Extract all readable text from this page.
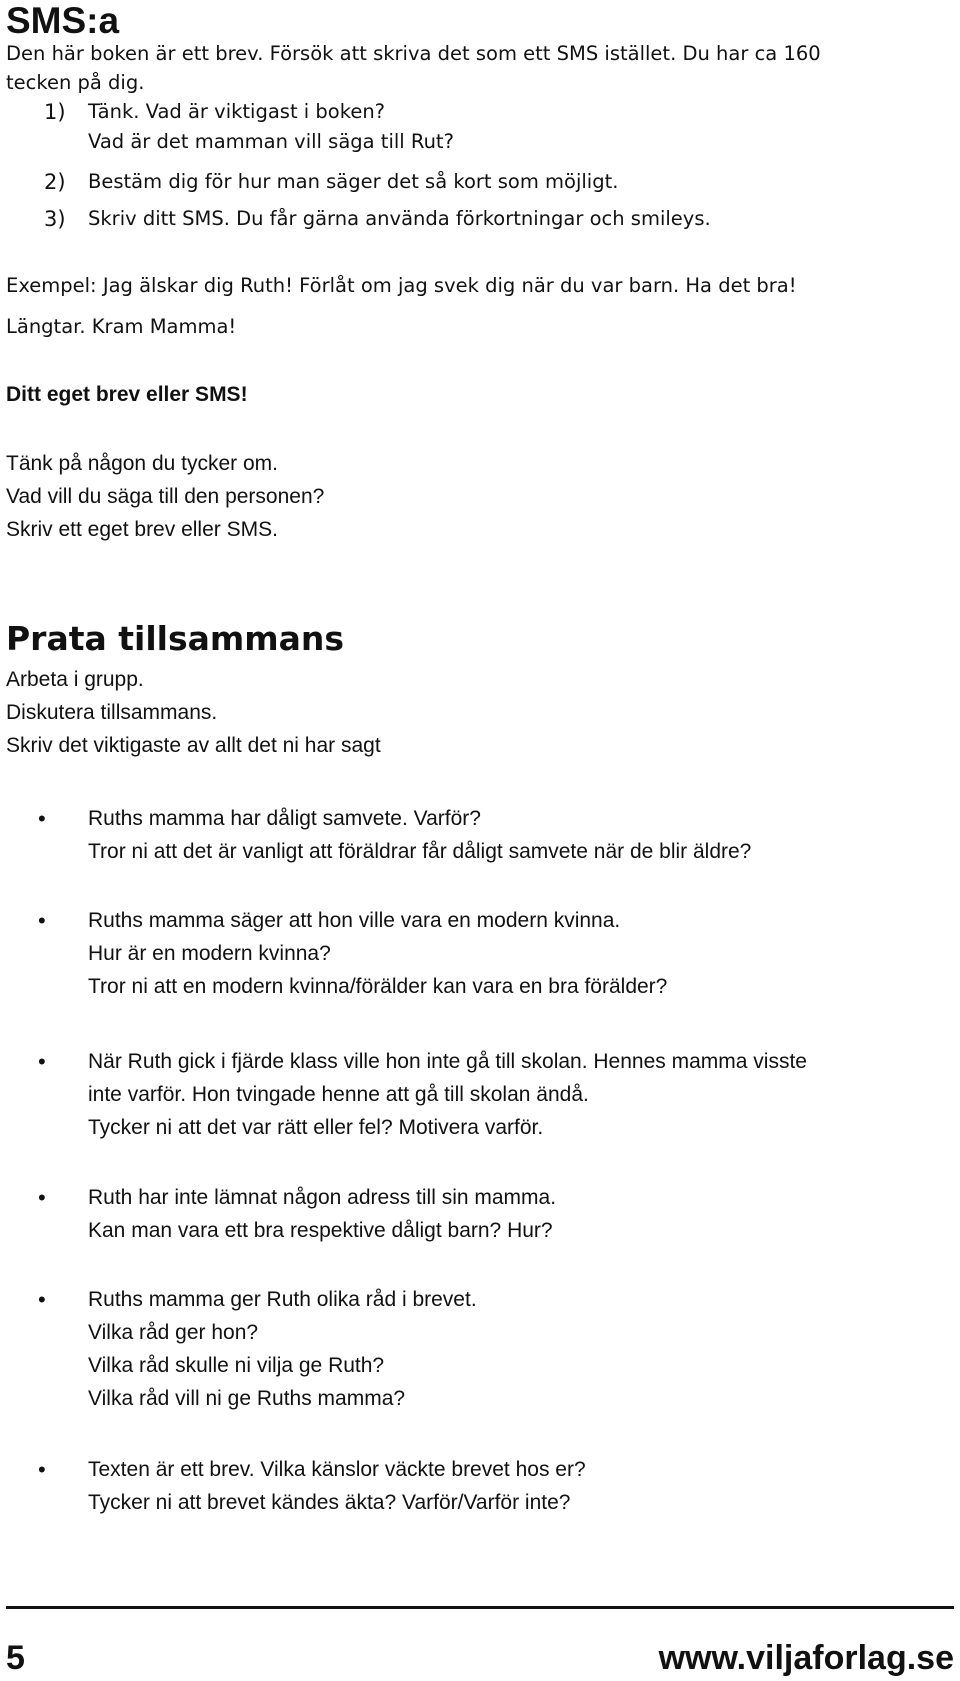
SMS:a

Den här boken är ett brev. Försök att skriva det som ett SMS istället. Du har ca 160

tecken på dig.

1) Tänk. Vad är viktigast i boken?

Vad är det mamman vill säga till Rut?

2) Bestäm dig för hur man säger det så kort som möjligt.

3) Skriv ditt SMS. Du får gärna använda förkortningar och smileys.

Exempel: Jag älskar dig Ruth! Förlåt om jag svek dig när du var barn. Ha det bra!

Längtar. Kram Mamma!

Ditt eget brev eller SMS!

Tänk på någon du tycker om.

Vad vill du säga till den personen?

Skriv ett eget brev eller SMS.

Prata tillsammans

Arbeta i grupp.

Diskutera tillsammans.

Skriv det viktigaste av allt det ni har sagt

• Ruths mamma har dåligt samvete. Varför?

Tror ni att det är vanligt att föräldrar får dåligt samvete när de blir äldre?

• Ruths mamma säger att hon ville vara en modern kvinna.

Hur är en modern kvinna?

Tror ni att en modern kvinna/förälder kan vara en bra förälder?

• När Ruth gick i fjärde klass ville hon inte gå till skolan. Hennes mamma visste

inte varför. Hon tvingade henne att gå till skolan ändå.

Tycker ni att det var rätt eller fel? Motivera varför.

• Ruth har inte lämnat någon adress till sin mamma.

Kan man vara ett bra respektive dåligt barn? Hur?

• Ruths mamma ger Ruth olika råd i brevet.

Vilka råd ger hon?

Vilka råd skulle ni vilja ge Ruth?

Vilka råd vill ni ge Ruths mamma?

• Texten är ett brev. Vilka känslor väckte brevet hos er?

Tycker ni att brevet kändes äkta? Varför/Varför inte?

5	www.viljaforlag.se
